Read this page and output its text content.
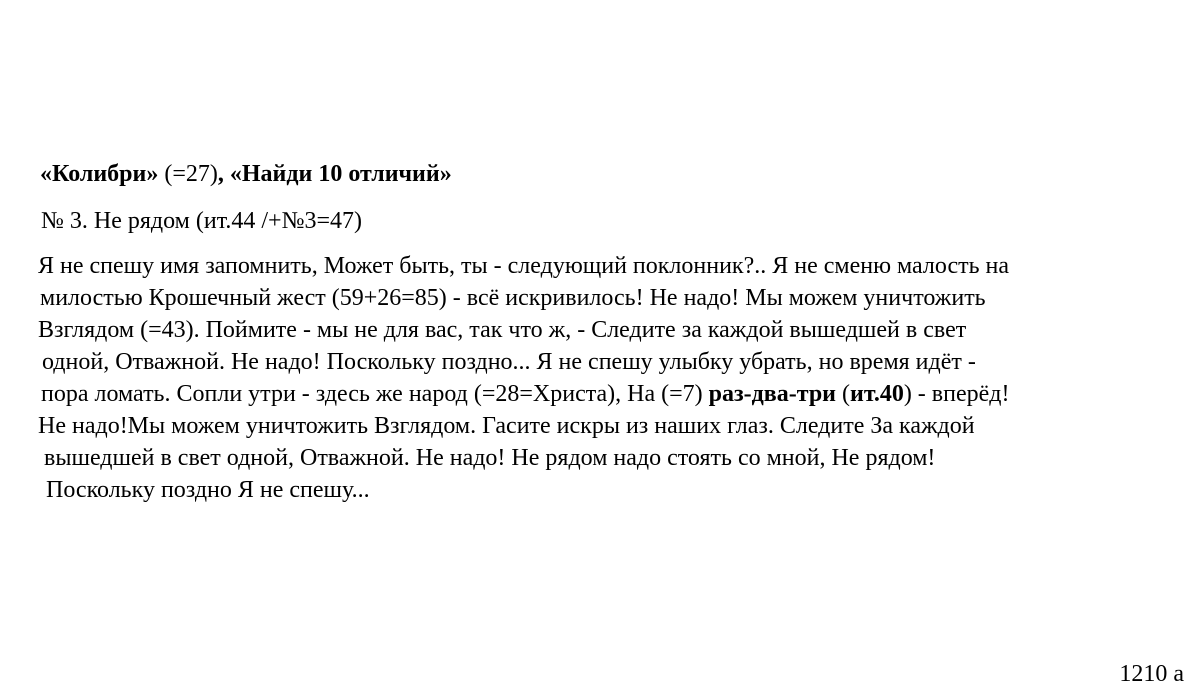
«Колибри» (=27), «Найди 10 отличий»
№ 3. Не рядом (ит.44 /+№3=47)
Я не спешу имя запомнить, Может быть, ты - следующий поклонник?.. Я не сменю малость на
милостью Крошечный жест (59+26=85) - всё искривилось! Не надо! Мы можем уничтожить
Взглядом (=43). Поймите - мы не для вас, так что ж, - Следите за каждой вышедшей в свет
одной, Отважной. Не надо! Поскольку поздно... Я не спешу улыбку убрать, но время идёт -
пора ломать. Сопли утри - здесь же народ (=28=Христа), На (=7) раз-два-три (ит.40) - вперёд!
Не надо!Мы можем уничтожить Взглядом. Гасите искры из наших глаз. Следите За каждой
вышедшей в свет одной, Отважной. Не надо! Не рядом надо стоять со мной, Не рядом!
Поскольку поздно Я не спешу...
1210 a
